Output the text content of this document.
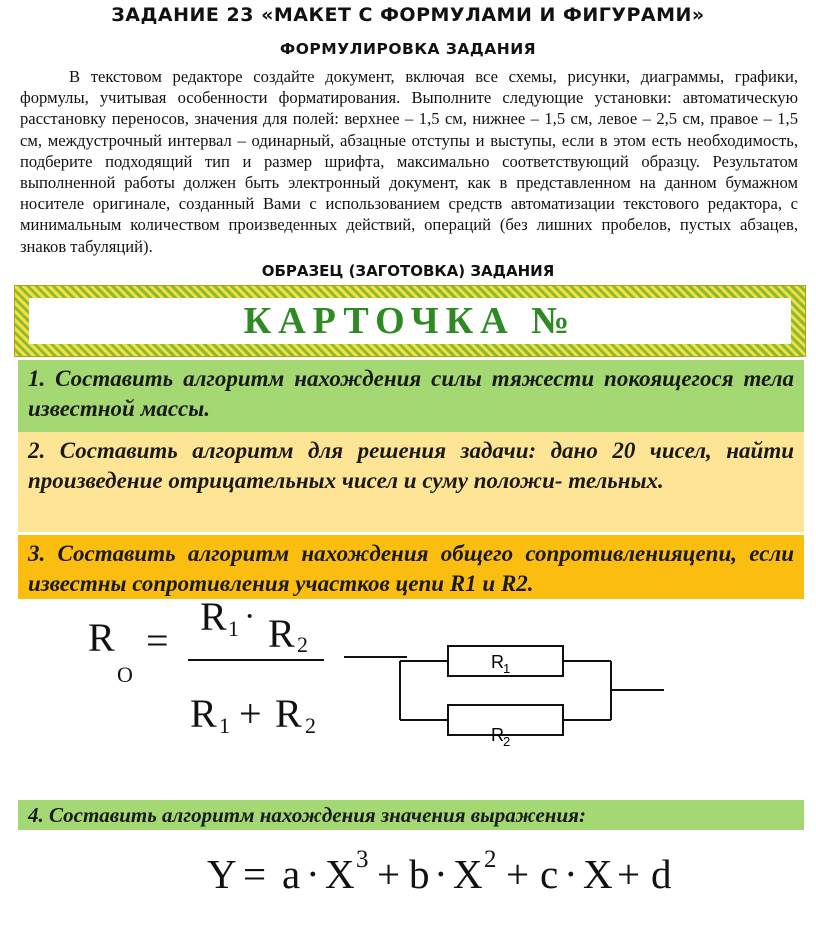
ЗАДАНИЕ 23 «МАКЕТ С ФОРМУЛАМИ И ФИГУРАМИ»
ФОРМУЛИРОВКА ЗАДАНИЯ

В текстовом редакторе создайте документ, включая все схемы, рисунки, диаграммы, графики, формулы, учитывая особенности форматирования. Выполните следующие установки: автоматическую расстановку переносов, значения для полей: верхнее – 1,5 см, нижнее – 1,5 см, левое – 2,5 см, правое – 1,5 см, междустрочный интервал – одинарный, абзацные отступы и выступы, если в этом есть необходимость, подберите подходящий тип и размер шрифта, максимально соответствующий образцу. Результатом выполненной работы должен быть электронный документ, как в представленном на данном бумажном носителе оригинале, созданный Вами с использованием средств автоматизации текстового редактора, с минимальным количеством произведенных действий, операций (без лишних пробелов, пустых абзацев, знаков табуляций).

ОБРАЗЕЦ (ЗАГОТОВКА) ЗАДАНИЯ
КАРТОЧКА №
1. Составить алгоритм нахождения силы тяжести покоящегося тела известной массы.
2. Составить алгоритм для решения задачи: дано 20 чисел, найти произведение отрицательных чисел и суму положи- тельных.
3. Составить алгоритм нахождения общего сопротивленияцепи, если известны сопротивления участков цепи R1 и R2.
R
O
=
R 1 · R 2
R 1 + R 2
R 1
R 2
4. Составить алгоритм нахождения значения выражения:
Y = a · X 3 + b · X 2 + c · X + d
